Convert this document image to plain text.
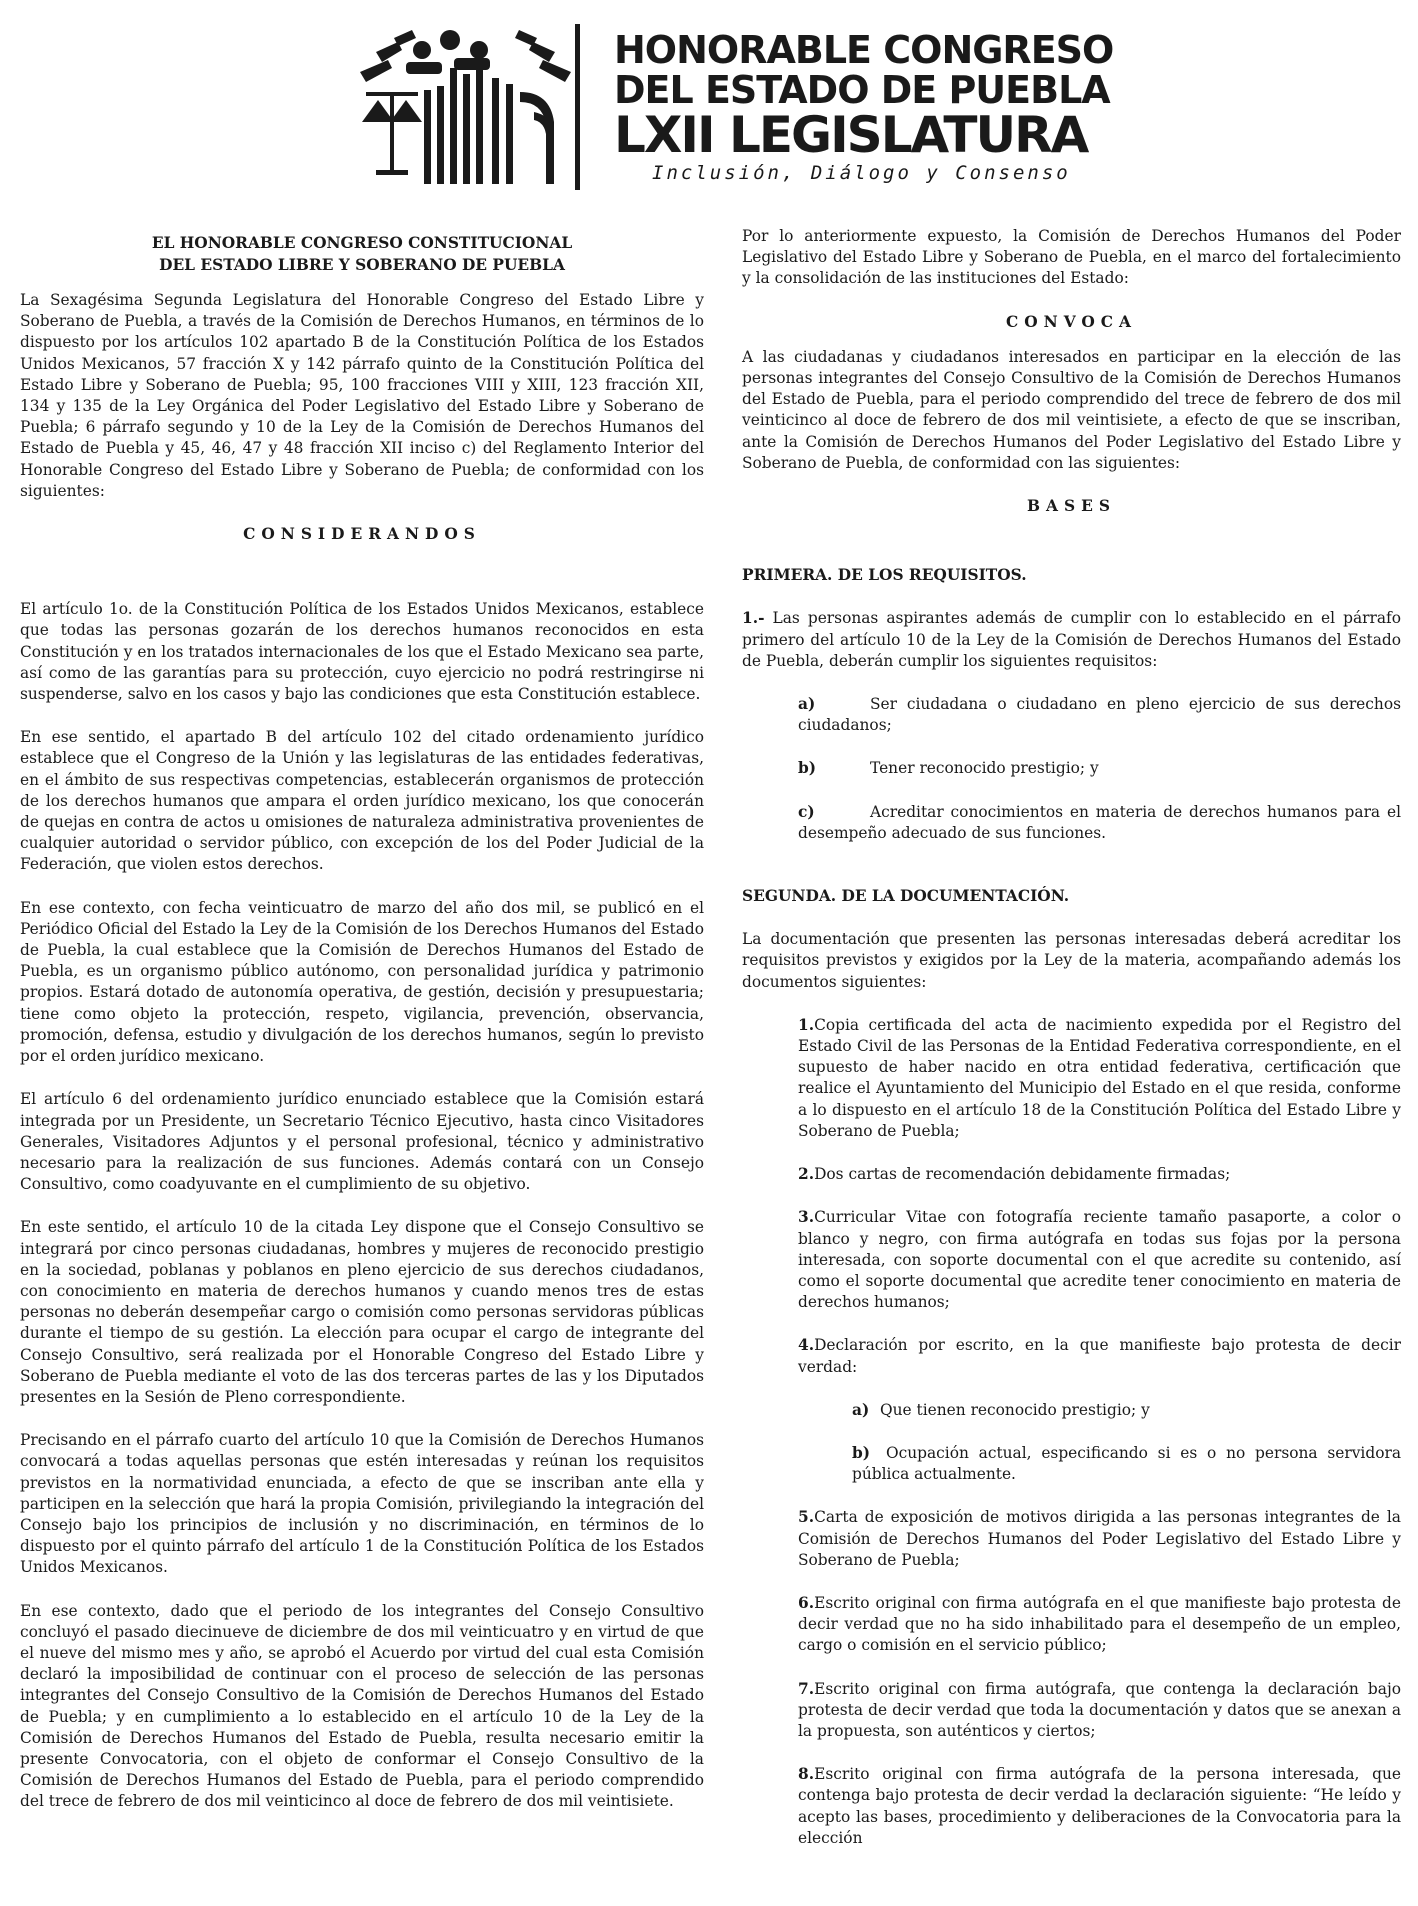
HONORABLE CONGRESO
DEL ESTADO DE PUEBLA
LXII LEGISLATURA
Inclusión, Diálogo y Consenso
EL HONORABLE CONGRESO CONSTITUCIONAL
DEL ESTADO LIBRE Y SOBERANO DE PUEBLA

La Sexagésima Segunda Legislatura del Honorable Congreso del Estado Libre y Soberano de Puebla, a través de la Comisión de Derechos Humanos, en términos de lo dispuesto por los artículos 102 apartado B de la Constitución Política de los Estados Unidos Mexicanos, 57 fracción X y 142 párrafo quinto de la Constitución Política del Estado Libre y Soberano de Puebla; 95, 100 fracciones VIII y XIII, 123 fracción XII, 134 y 135 de la Ley Orgánica del Poder Legislativo del Estado Libre y Soberano de Puebla; 6 párrafo segundo y 10 de la Ley de la Comisión de Derechos Humanos del Estado de Puebla y 45, 46, 47 y 48 fracción XII inciso c) del Reglamento Interior del Honorable Congreso del Estado Libre y Soberano de Puebla; de conformidad con los siguientes:

CONSIDERANDOS

El artículo 1o. de la Constitución Política de los Estados Unidos Mexicanos, establece que todas las personas gozarán de los derechos humanos reconocidos en esta Constitución y en los tratados internacionales de los que el Estado Mexicano sea parte, así como de las garantías para su protección, cuyo ejercicio no podrá restringirse ni suspenderse, salvo en los casos y bajo las condiciones que esta Constitución establece.

En ese sentido, el apartado B del artículo 102 del citado ordenamiento jurídico establece que el Congreso de la Unión y las legislaturas de las entidades federativas, en el ámbito de sus respectivas competencias, establecerán organismos de protección de los derechos humanos que ampara el orden jurídico mexicano, los que conocerán de quejas en contra de actos u omisiones de naturaleza administrativa provenientes de cualquier autoridad o servidor público, con excepción de los del Poder Judicial de la Federación, que violen estos derechos.

En ese contexto, con fecha veinticuatro de marzo del año dos mil, se publicó en el Periódico Oficial del Estado la Ley de la Comisión de los Derechos Humanos del Estado de Puebla, la cual establece que la Comisión de Derechos Humanos del Estado de Puebla, es un organismo público autónomo, con personalidad jurídica y patrimonio propios. Estará dotado de autonomía operativa, de gestión, decisión y presupuestaria; tiene como objeto la protección, respeto, vigilancia, prevención, observancia, promoción, defensa, estudio y divulgación de los derechos humanos, según lo previsto por el orden jurídico mexicano.

El artículo 6 del ordenamiento jurídico enunciado establece que la Comisión estará integrada por un Presidente, un Secretario Técnico Ejecutivo, hasta cinco Visitadores Generales, Visitadores Adjuntos y el personal profesional, técnico y administrativo necesario para la realización de sus funciones. Además contará con un Consejo Consultivo, como coadyuvante en el cumplimiento de su objetivo.

En este sentido, el artículo 10 de la citada Ley dispone que el Consejo Consultivo se integrará por cinco personas ciudadanas, hombres y mujeres de reconocido prestigio en la sociedad, poblanas y poblanos en pleno ejercicio de sus derechos ciudadanos, con conocimiento en materia de derechos humanos y cuando menos tres de estas personas no deberán desempeñar cargo o comisión como personas servidoras públicas durante el tiempo de su gestión. La elección para ocupar el cargo de integrante del Consejo Consultivo, será realizada por el Honorable Congreso del Estado Libre y Soberano de Puebla mediante el voto de las dos terceras partes de las y los Diputados presentes en la Sesión de Pleno correspondiente.

Precisando en el párrafo cuarto del artículo 10 que la Comisión de Derechos Humanos convocará a todas aquellas personas que estén interesadas y reúnan los requisitos previstos en la normatividad enunciada, a efecto de que se inscriban ante ella y participen en la selección que hará la propia Comisión, privilegiando la integración del Consejo bajo los principios de inclusión y no discriminación, en términos de lo dispuesto por el quinto párrafo del artículo 1 de la Constitución Política de los Estados Unidos Mexicanos.

En ese contexto, dado que el periodo de los integrantes del Consejo Consultivo concluyó el pasado diecinueve de diciembre de dos mil veinticuatro y en virtud de que el nueve del mismo mes y año, se aprobó el Acuerdo por virtud del cual esta Comisión declaró la imposibilidad de continuar con el proceso de selección de las personas integrantes del Consejo Consultivo de la Comisión de Derechos Humanos del Estado de Puebla; y en cumplimiento a lo establecido en el artículo 10 de la Ley de la Comisión de Derechos Humanos del Estado de Puebla, resulta necesario emitir la presente Convocatoria, con el objeto de conformar el Consejo Consultivo de la Comisión de Derechos Humanos del Estado de Puebla, para el periodo comprendido del trece de febrero de dos mil veinticinco al doce de febrero de dos mil veintisiete.

Por lo anteriormente expuesto, la Comisión de Derechos Humanos del Poder Legislativo del Estado Libre y Soberano de Puebla, en el marco del fortalecimiento y la consolidación de las instituciones del Estado:

CONVOCA

A las ciudadanas y ciudadanos interesados en participar en la elección de las personas integrantes del Consejo Consultivo de la Comisión de Derechos Humanos del Estado de Puebla, para el periodo comprendido del trece de febrero de dos mil veinticinco al doce de febrero de dos mil veintisiete, a efecto de que se inscriban, ante la Comisión de Derechos Humanos del Poder Legislativo del Estado Libre y Soberano de Puebla, de conformidad con las siguientes:

BASES
PRIMERA. DE LOS REQUISITOS.

1.- Las personas aspirantes además de cumplir con lo establecido en el párrafo primero del artículo 10 de la Ley de la Comisión de Derechos Humanos del Estado de Puebla, deberán cumplir los siguientes requisitos:

a)	Ser ciudadana o ciudadano en pleno ejercicio de sus derechos ciudadanos;

b)	Tener reconocido prestigio; y

c)	Acreditar conocimientos en materia de derechos humanos para el desempeño adecuado de sus funciones.

SEGUNDA. DE LA DOCUMENTACIÓN.

La documentación que presenten las personas interesadas deberá acreditar los requisitos previstos y exigidos por la Ley de la materia, acompañando además los documentos siguientes:

1.Copia certificada del acta de nacimiento expedida por el Registro del Estado Civil de las Personas de la Entidad Federativa correspondiente, en el supuesto de haber nacido en otra entidad federativa, certificación que realice el Ayuntamiento del Municipio del Estado en el que resida, conforme a lo dispuesto en el artículo 18 de la Constitución Política del Estado Libre y Soberano de Puebla;

2.Dos cartas de recomendación debidamente firmadas;

3.Curricular Vitae con fotografía reciente tamaño pasaporte, a color o blanco y negro, con firma autógrafa en todas sus fojas por la persona interesada, con soporte documental con el que acredite su contenido, así como el soporte documental que acredite tener conocimiento en materia de derechos humanos;

4.Declaración por escrito, en la que manifieste bajo protesta de decir verdad:

a) Que tienen reconocido prestigio; y

b) Ocupación actual, especificando si es o no persona servidora pública actualmente.

5.Carta de exposición de motivos dirigida a las personas integrantes de la Comisión de Derechos Humanos del Poder Legislativo del Estado Libre y Soberano de Puebla;

6.Escrito original con firma autógrafa en el que manifieste bajo protesta de decir verdad que no ha sido inhabilitado para el desempeño de un empleo, cargo o comisión en el servicio público;

7.Escrito original con firma autógrafa, que contenga la declaración bajo protesta de decir verdad que toda la documentación y datos que se anexan a la propuesta, son auténticos y ciertos;

8.Escrito original con firma autógrafa de la persona interesada, que contenga bajo protesta de decir verdad la declaración siguiente: “He leído y acepto las bases, procedimiento y deliberaciones de la Convocatoria para la elección
